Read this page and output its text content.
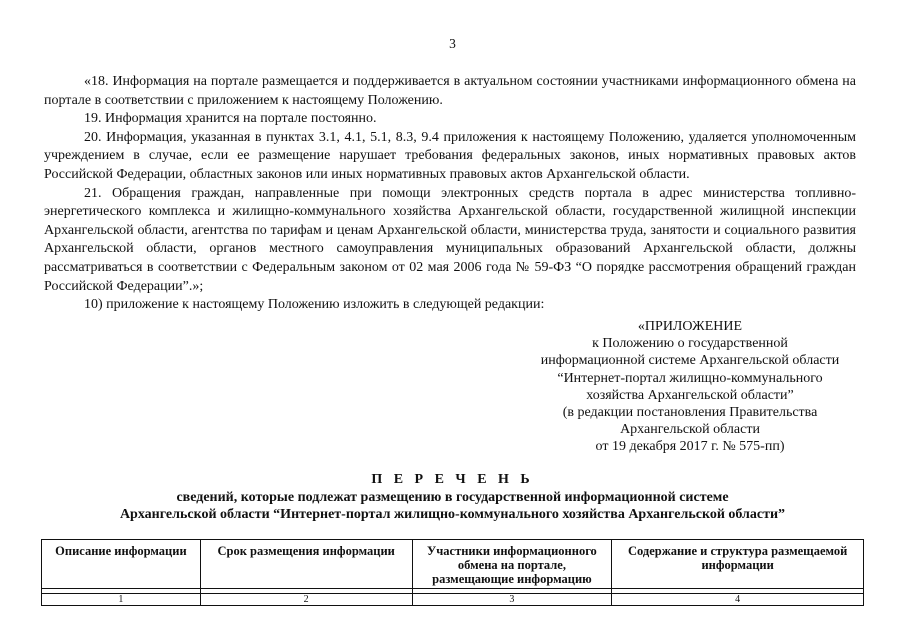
3

«18. Информация на портале размещается и поддерживается в актуальном состоянии участниками информационного обмена на портале в соответствии с приложением к настоящему Положению.

19. Информация хранится на портале постоянно.

20. Информация, указанная в пунктах 3.1, 4.1, 5.1, 8.3, 9.4 приложения к настоящему Положению, удаляется уполномоченным учреждением в случае, если ее размещение нарушает требования федеральных законов, иных нормативных правовых актов Российской Федерации, областных законов или иных нормативных правовых актов Архангельской области.

21. Обращения граждан, направленные при помощи электронных средств портала в адрес министерства топливно-энергетического комплекса и жилищно-коммунального хозяйства Архангельской области, государственной жилищной инспекции Архангельской области, агентства по тарифам и ценам Архангельской области, министерства труда, занятости и социального развития Архангельской области, органов местного самоуправления муниципальных образований Архангельской области, должны рассматриваться в соответствии с Федеральным законом от 02 мая 2006 года № 59-ФЗ “О порядке рассмотрения обращений граждан Российской Федерации”.»;

10) приложение к настоящему Положению изложить в следующей редакции:

«ПРИЛОЖЕНИЕ
к Положению о государственной
информационной системе Архангельской области
“Интернет-портал жилищно-коммунального
хозяйства Архангельской области”
(в редакции постановления Правительства
Архангельской области
от 19 декабря 2017 г. № 575-пп)
П Е Р Е Ч Е Н Ь
сведений, которые подлежат размещению в государственной информационной системе
Архангельской области “Интернет-портал жилищно-коммунального хозяйства Архангельской области”
Описание информации	Срок размещения информации	Участники информационного обмена на портале, размещающие информацию	Содержание и структура размещаемой информации

1	2	3	4
